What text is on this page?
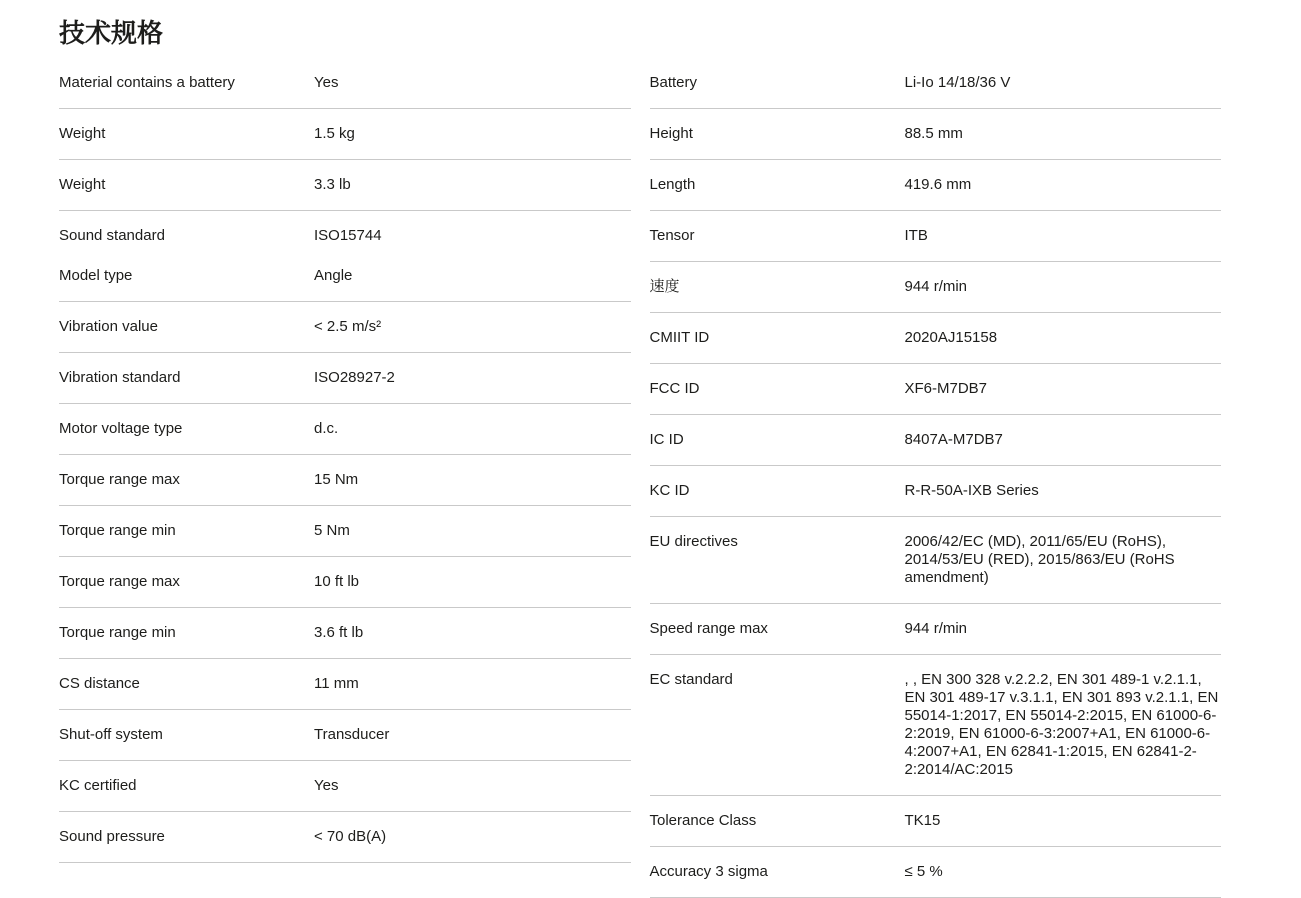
技术规格
Material contains a battery	Yes
Weight	1.5 kg
Weight	3.3 lb
Sound standard	ISO15744
Model type	Angle
Vibration value	< 2.5 m/s²
Vibration standard	ISO28927-2
Motor voltage type	d.c.
Torque range max	15 Nm
Torque range min	5 Nm
Torque range max	10 ft lb
Torque range min	3.6 ft lb
CS distance	11 mm
Shut-off system	Transducer
KC certified	Yes
Sound pressure	< 70 dB(A)
Battery	Li-Io 14/18/36 V
Height	88.5 mm
Length	419.6 mm
Tensor	ITB
速度	944 r/min
CMIIT ID	2020AJ15158
FCC ID	XF6-M7DB7
IC ID	8407A-M7DB7
KC ID	R-R-50A-IXB Series
EU directives	2006/42/EC (MD), 2011/65/EU (RoHS), 2014/53/EU (RED), 2015/863/EU (RoHS amendment)
Speed range max	944 r/min
EC standard	, , EN 300 328 v.2.2.2, EN 301 489-1 v.2.1.1, EN 301 489-17 v.3.1.1, EN 301 893 v.2.1.1, EN 55014-1:2017, EN 55014-2:2015, EN 61000-6-2:2019, EN 61000-6-3:2007+A1, EN 61000-6-4:2007+A1, EN 62841-1:2015, EN 62841-2-2:2014/AC:2015
Tolerance Class	TK15
Accuracy 3 sigma	≤ 5 %
